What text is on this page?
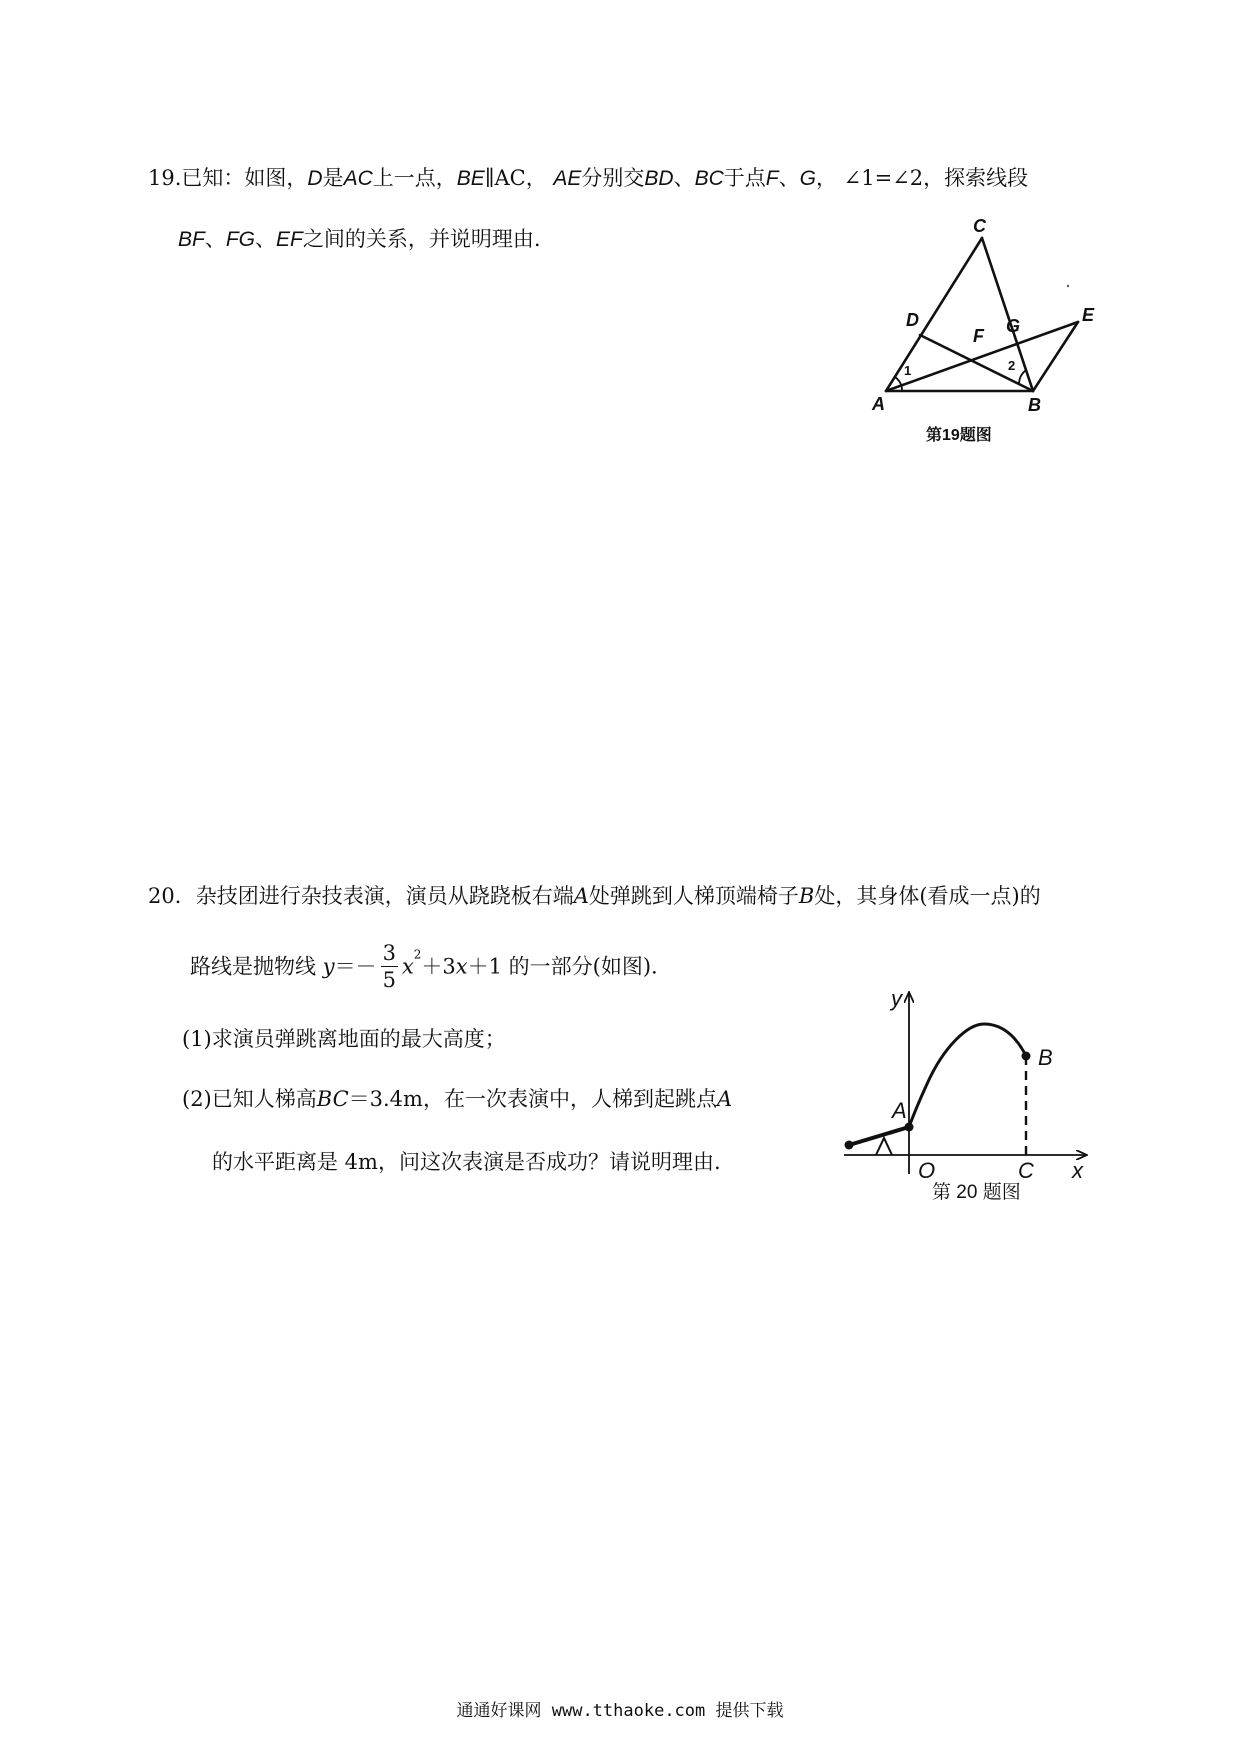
19.已知：如图，D是AC上一点，BE∥AC， AE分别交BD、BC于点F、G， ∠1=∠2，探索线段
BF、FG、EF之间的关系，并说明理由.
C
D
F G
E
A	B
1	2
第19题图
20．杂技团进行杂技表演，演员从跷跷板右端A处弹跳到人梯顶端椅子B处，其身体(看成一点)的
路线是抛物线 $y=- \frac{3}{5} x^2+3x+1$ 的一部分(如图).
(1)求演员弹跳离地面的最大高度；
(2)已知人梯高BC＝3.4m，在一次表演中，人梯到起跳点A
的水平距离是 4m，问这次表演是否成功？请说明理由.
y
x
O
A
B
C
第 20 题图
通通好课网 www.tthaoke.com 提供下载
